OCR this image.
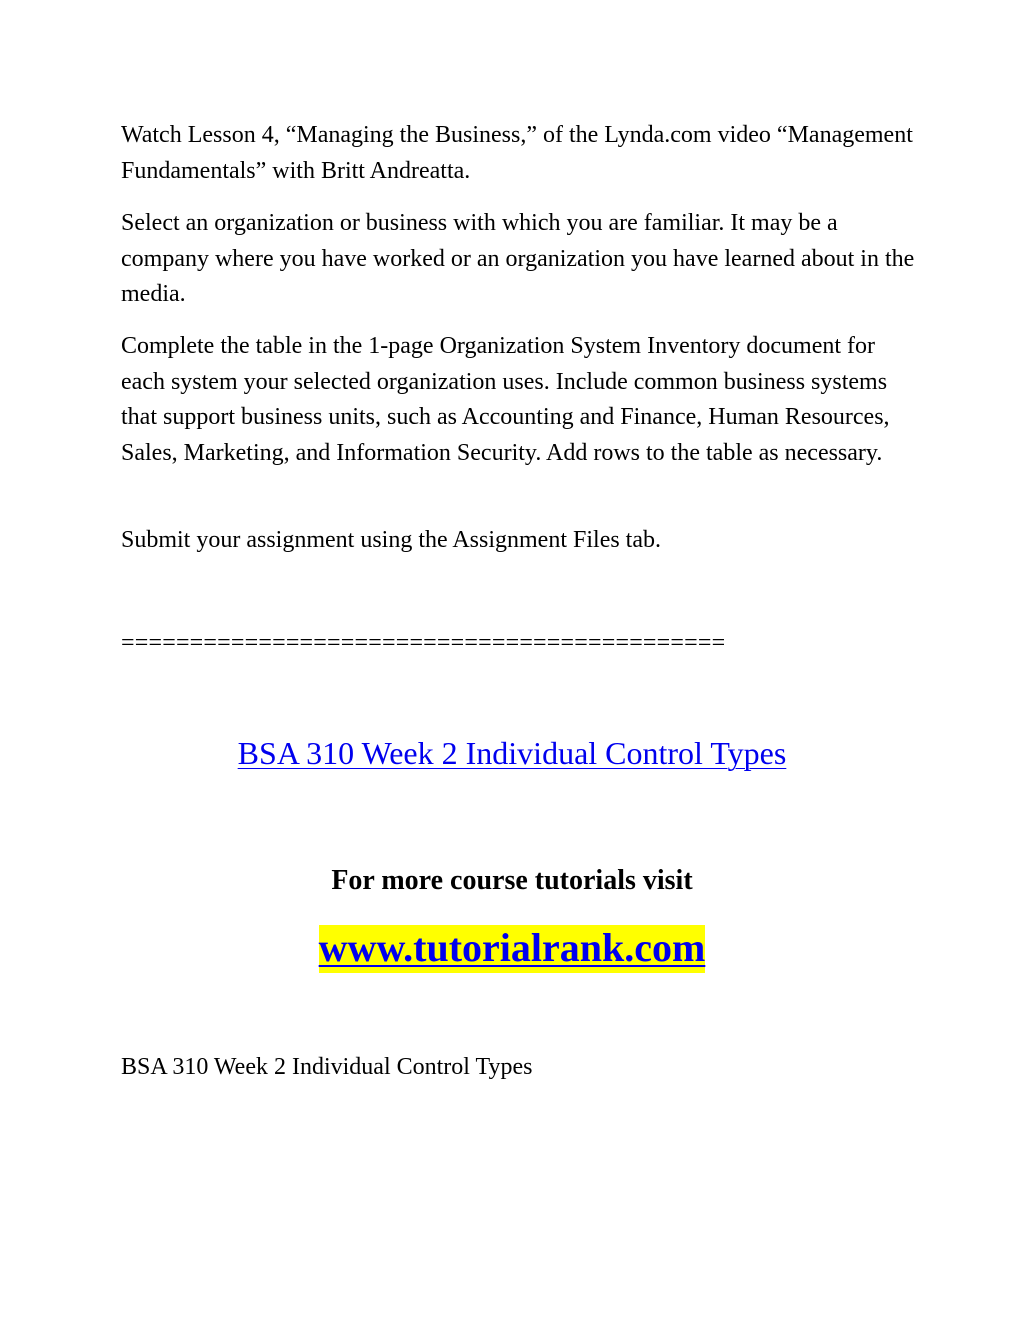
Watch Lesson 4, “Managing the Business,” of the Lynda.com video “Management Fundamentals” with Britt Andreatta.

Select an organization or business with which you are familiar. It may be a company where you have worked or an organization you have learned about in the media.

Complete the table in the 1-page Organization System Inventory document for each system your selected organization uses. Include common business systems that support business units, such as Accounting and Finance, Human Resources, Sales, Marketing, and Information Security. Add rows to the table as necessary.

Submit your assignment using the Assignment Files tab.

============================================
BSA 310 Week 2 Individual Control Types
For more course tutorials visit
www.tutorialrank.com
BSA 310 Week 2 Individual Control Types
